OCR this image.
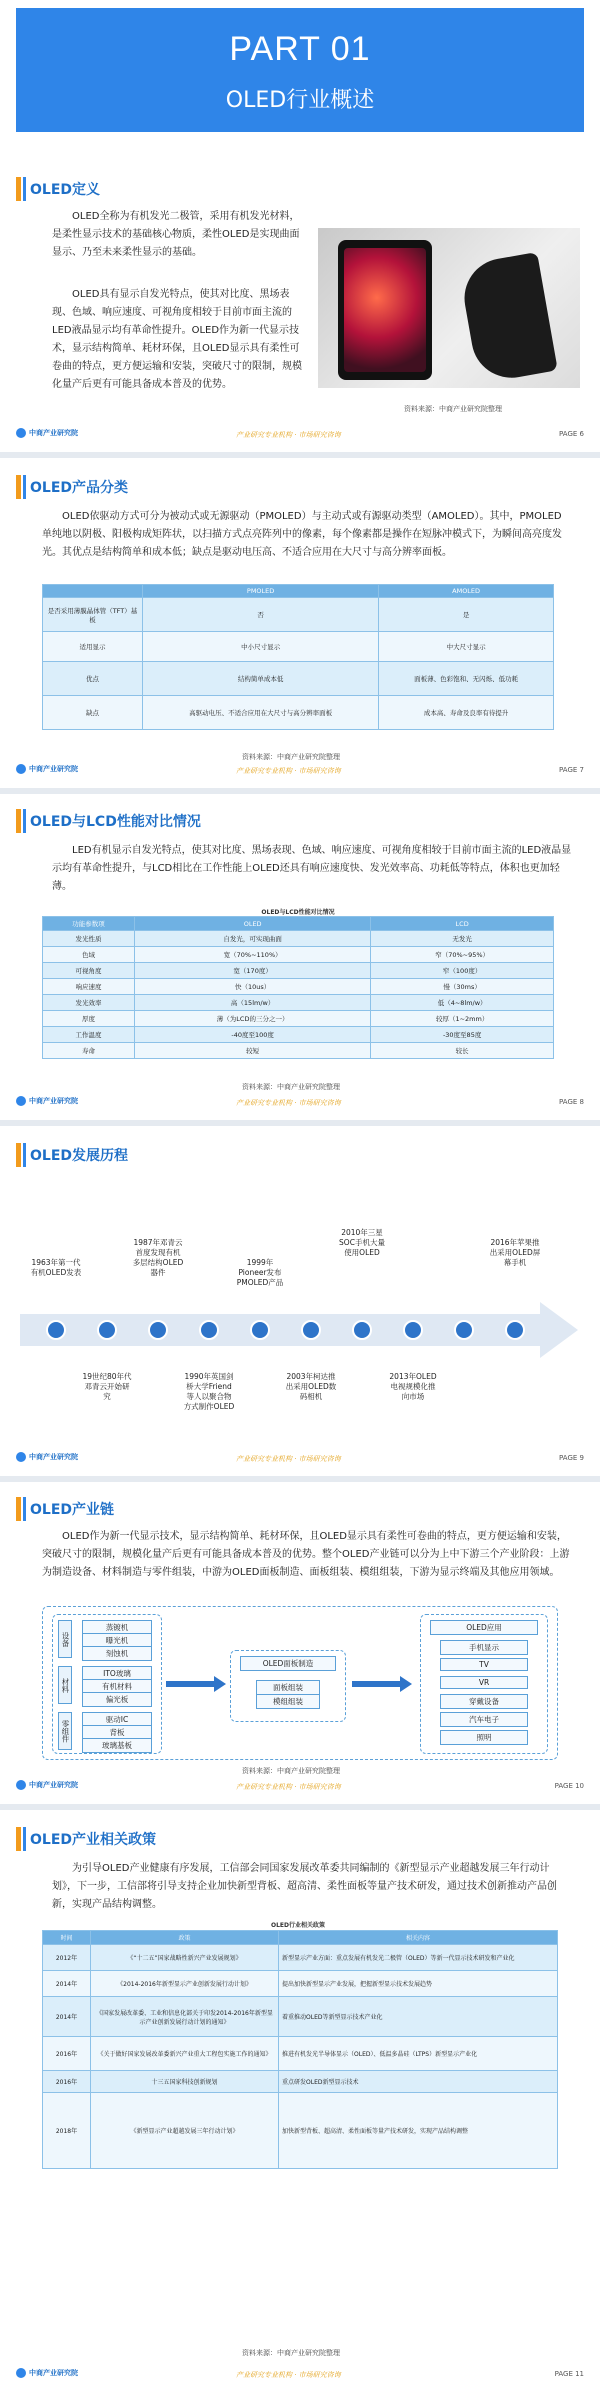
PART 01
OLED行业概述
OLED定义
OLED全称为有机发光二极管，采用有机发光材料，是柔性显示技术的基础核心物质，柔性OLED是实现曲面显示、乃至未来柔性显示的基础。
OLED具有显示自发光特点，使其对比度、黑场表现、色域、响应速度、可视角度相较于目前市面主流的LED液晶显示均有革命性提升。OLED作为新一代显示技术，显示结构简单、耗材环保，且OLED显示具有柔性可卷曲的特点，更方便运输和安装，突破尺寸的限制，规模化量产后更有可能具备成本普及的优势。
资料来源：中商产业研究院整理
中商产业研究院	产业研究专业机构 · 市场研究咨询	PAGE 6
OLED产品分类
OLED依驱动方式可分为被动式或无源驱动（PMOLED）与主动式或有源驱动类型（AMOLED）。其中，PMOLED单纯地以阴极、阳极构成矩阵状，以扫描方式点亮阵列中的像素，每个像素都是操作在短脉冲模式下，为瞬间高亮度发光。其优点是结构简单和成本低；缺点是驱动电压高、不适合应用在大尺寸与高分辨率面板。
	PMOLED	AMOLED
是否采用薄膜晶体管（TFT）基板	否	是
适用显示	中小尺寸显示	中大尺寸显示
优点	结构简单成本低	面板薄、色彩饱和、无闪烁、低功耗
缺点	高驱动电压、不适合应用在大尺寸与高分辨率面板	成本高、寿命及良率有待提升
资料来源：中商产业研究院整理
中商产业研究院	产业研究专业机构 · 市场研究咨询	PAGE 7
OLED与LCD性能对比情况
LED有机显示自发光特点，使其对比度、黑场表现、色域、响应速度、可视角度相较于目前市面主流的LED液晶显示均有革命性提升，与LCD相比在工作性能上OLED还具有响应速度快、发光效率高、功耗低等特点，体积也更加轻薄。
OLED与LCD性能对比情况
功能参数项	OLED	LCD
发光性质	自发光，可实现曲面	无发光
色域	宽（70%~110%）	窄（70%~95%）
可视角度	宽（170度）	窄（100度）
响应速度	快（10us）	慢（30ms）
发光效率	高（15lm/w）	低（4~8lm/w）
厚度	薄（为LCD的三分之一）	较厚（1~2mm）
工作温度	-40度至100度	-30度至85度
寿命	较短	较长
资料来源：中商产业研究院整理
中商产业研究院	产业研究专业机构 · 市场研究咨询	PAGE 8
OLED发展历程
1963年第一代有机OLED发表
1987年邓青云首度发现有机多层结构OLED器件
1999年Pioneer发布PMOLED产品
2010年三星SOC手机大量使用OLED
2016年苹果推出采用OLED屏幕手机
19世纪80年代邓青云开始研究
1990年英国剑桥大学Friend等人以聚合物方式制作OLED
2003年柯达推出采用OLED数码相机
2013年OLED电视规模化推向市场
中商产业研究院	产业研究专业机构 · 市场研究咨询	PAGE 9
OLED产业链
OLED作为新一代显示技术，显示结构简单、耗材环保，且OLED显示具有柔性可卷曲的特点，更方便运输和安装，突破尺寸的限制，规模化量产后更有可能具备成本普及的优势。整个OLED产业链可以分为上中下游三个产业阶段：上游为制造设备、材料制造与零件组装，中游为OLED面板制造、面板组装、模组组装，下游为显示终端及其他应用领域。
设备
蒸镀机
曝光机
刻蚀机
材料
ITO玻璃
有机材料
偏光板
零组件
驱动IC
背板
玻璃基板
OLED面板制造
面板组装
模组组装
OLED应用
手机显示
TV
VR
穿戴设备
汽车电子
照明
资料来源：中商产业研究院整理
中商产业研究院	产业研究专业机构 · 市场研究咨询	PAGE 10
OLED产业相关政策
为引导OLED产业健康有序发展，工信部会同国家发展改革委共同编制的《新型显示产业超越发展三年行动计划》，下一步，工信部将引导支持企业加快新型背板、超高清、柔性面板等量产技术研发，通过技术创新推动产品创新，实现产品结构调整。
OLED行业相关政策
时间	政策	相关内容
2012年	《“十二五”国家战略性新兴产业发展规划》	新型显示产业方面：重点发展有机发光二极管（OLED）等新一代显示技术研发和产业化
2014年	《2014-2016年新型显示产业创新发展行动计划》	提出加快新型显示产业发展，把握新型显示技术发展趋势
2014年	《国家发展改革委、工业和信息化部关于印发2014-2016年新型显示产业创新发展行动计划的通知》	着重推动OLED等新型显示技术产业化
2016年	《关于做好国家发展改革委新兴产业重大工程包实施工作的通知》	推进有机发光半导体显示（OLED）、低温多晶硅（LTPS）新型显示产业化
2016年	十三五国家科技创新规划	重点研发OLED新型显示技术
2018年	《新型显示产业超越发展三年行动计划》	加快新型背板、超高清、柔性面板等量产技术研发，实现产品结构调整
资料来源：中商产业研究院整理
中商产业研究院	产业研究专业机构 · 市场研究咨询	PAGE 11
